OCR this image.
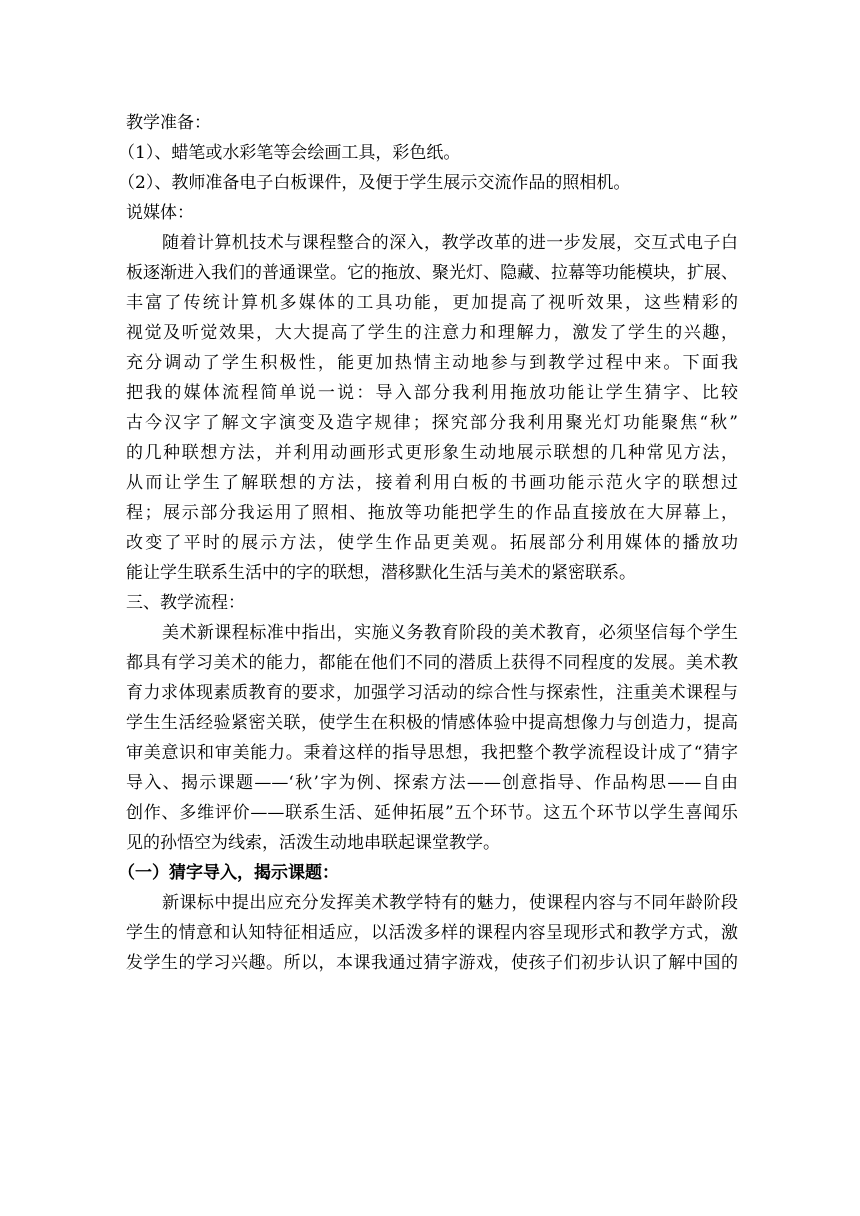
教学准备：

（1）、蜡笔或水彩笔等会绘画工具，彩色纸。

（2）、教师准备电子白板课件，及便于学生展示交流作品的照相机。

说媒体：

随着计算机技术与课程整合的深入，教学改革的进一步发展，交互式电子白

板逐渐进入我们的普通课堂。它的拖放、聚光灯、隐藏、拉幕等功能模块，扩展、

丰富了传统计算机多媒体的工具功能，更加提高了视听效果，这些精彩的

视觉及听觉效果，大大提高了学生的注意力和理解力，激发了学生的兴趣，

充分调动了学生积极性，能更加热情主动地参与到教学过程中来。下面我

把我的媒体流程简单说一说：导入部分我利用拖放功能让学生猜字、比较

古今汉字了解文字演变及造字规律；探究部分我利用聚光灯功能聚焦“秋”

的几种联想方法，并利用动画形式更形象生动地展示联想的几种常见方法，

从而让学生了解联想的方法，接着利用白板的书画功能示范火字的联想过

程；展示部分我运用了照相、拖放等功能把学生的作品直接放在大屏幕上，

改变了平时的展示方法，使学生作品更美观。拓展部分利用媒体的播放功

能让学生联系生活中的字的联想，潜移默化生活与美术的紧密联系。

三、教学流程：

美术新课程标准中指出，实施义务教育阶段的美术教育，必须坚信每个学生

都具有学习美术的能力，都能在他们不同的潜质上获得不同程度的发展。美术教

育力求体现素质教育的要求，加强学习活动的综合性与探索性，注重美术课程与

学生生活经验紧密关联，使学生在积极的情感体验中提高想像力与创造力，提高

审美意识和审美能力。秉着这样的指导思想，我把整个教学流程设计成了“猜字

导入、揭示课题——‘秋’字为例、探索方法——创意指导、作品构思——自由

创作、多维评价——联系生活、延伸拓展”五个环节。这五个环节以学生喜闻乐

见的孙悟空为线索，活泼生动地串联起课堂教学。

（一）猜字导入，揭示课题：

新课标中提出应充分发挥美术教学特有的魅力，使课程内容与不同年龄阶段

学生的情意和认知特征相适应，以活泼多样的课程内容呈现形式和教学方式，激

发学生的学习兴趣。所以，本课我通过猜字游戏，使孩子们初步认识了解中国的
